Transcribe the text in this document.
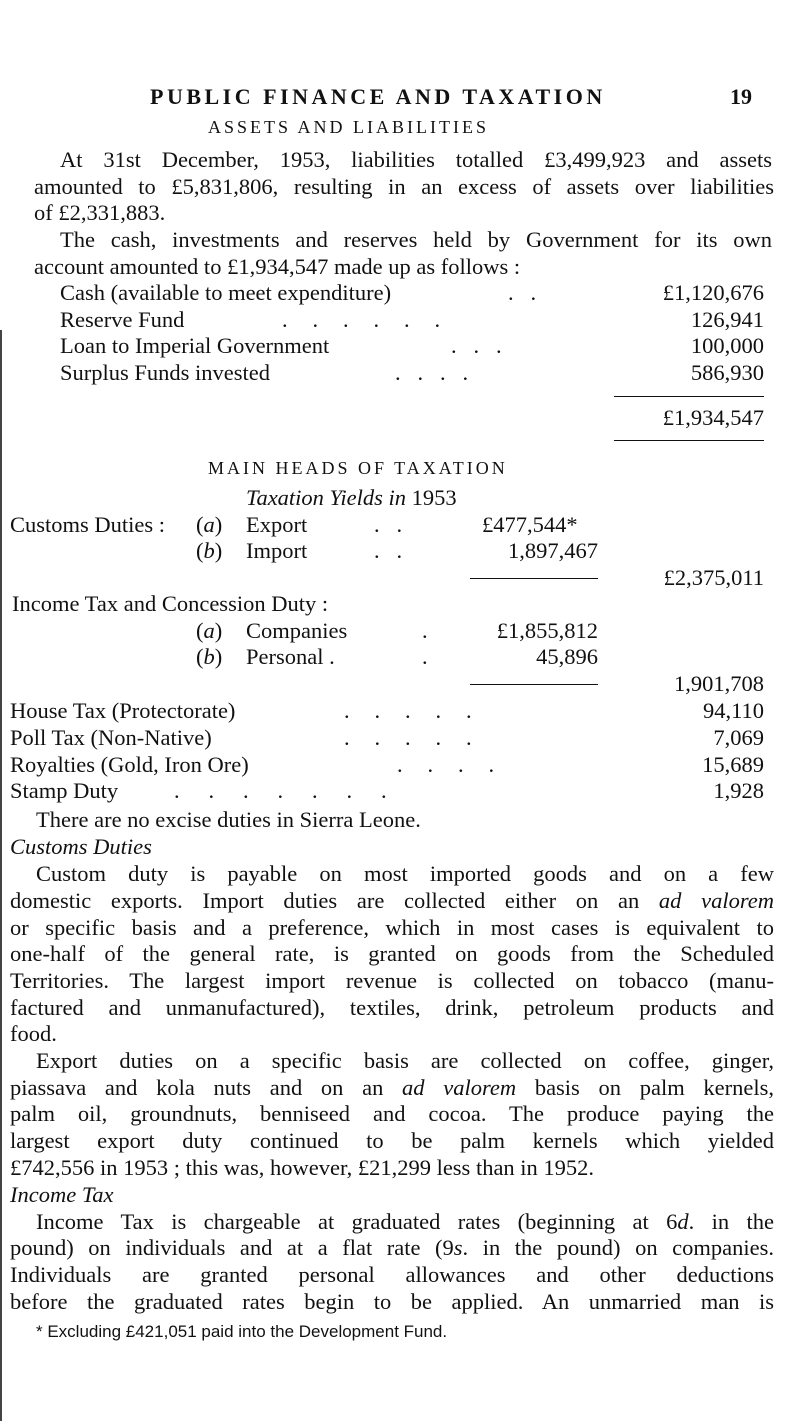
PUBLIC FINANCE AND TAXATION	19
ASSETS AND LIABILITIES
At 31st December, 1953, liabilities totalled £3,499,923 and assets
amounted to £5,831,806, resulting in an excess of assets over liabilities
of £2,331,883.
The cash, investments and reserves held by Government for its own
account amounted to £1,934,547 made up as follows :
Cash (available to meet expenditure)	.   .	£1,120,676
Reserve Fund	.   .   .   .   .   .	126,941
Loan to Imperial Government	.   .   .	100,000
Surplus Funds invested	.   .   .   .	586,930
£1,934,547
MAIN HEADS OF TAXATION
Taxation Yields in 1953
Customs Duties : (a) Export	.   .	£477,544*
(b) Import	.   .	1,897,467
£2,375,011
Income Tax and Concession Duty :
(a) Companies	.	£1,855,812
(b) Personal .	.	45,896
1,901,708
House Tax (Protectorate)	.   .   .   .   .	94,110
Poll Tax (Non-Native)	.   .   .   .   .	7,069
Royalties (Gold, Iron Ore)	.   .   .   .	15,689
Stamp Duty .   .   .   .   .   .   .	1,928
There are no excise duties in Sierra Leone.
Customs Duties
Custom duty is payable on most imported goods and on a few
domestic exports. Import duties are collected either on an ad valorem
or specific basis and a preference, which in most cases is equivalent to
one-half of the general rate, is granted on goods from the Scheduled
Territories. The largest import revenue is collected on tobacco (manu-
factured and unmanufactured), textiles, drink, petroleum products and
food.
Export duties on a specific basis are collected on coffee, ginger,
piassava and kola nuts and on an ad valorem basis on palm kernels,
palm oil, groundnuts, benniseed and cocoa. The produce paying the
largest export duty continued to be palm kernels which yielded
£742,556 in 1953 ; this was, however, £21,299 less than in 1952.
Income Tax
Income Tax is chargeable at graduated rates (beginning at 6d. in the
pound) on individuals and at a flat rate (9s. in the pound) on companies.
Individuals are granted personal allowances and other deductions
before the graduated rates begin to be applied. An unmarried man is
* Excluding £421,051 paid into the Development Fund.
